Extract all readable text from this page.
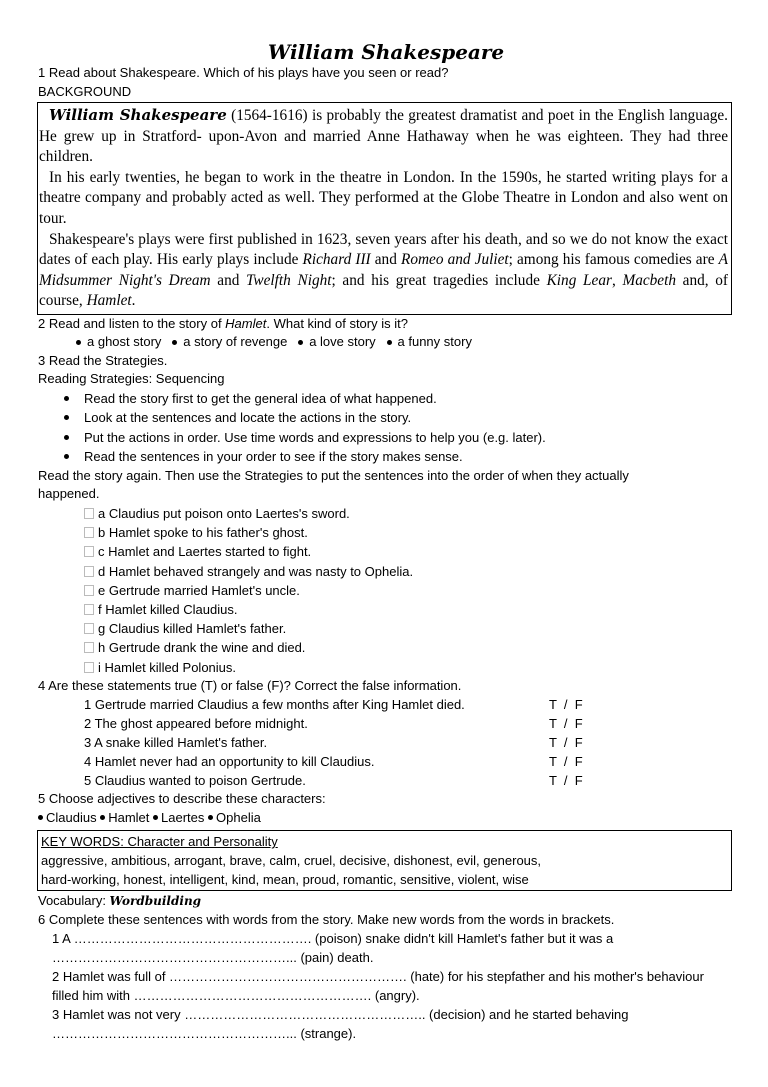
William Shakespeare
1 Read about Shakespeare. Which of his plays have you seen or read?
BACKGROUND

William Shakespeare (1564-1616) is probably the greatest dramatist and poet in the English language. He grew up in Stratford- upon-Avon and married Anne Hathaway when he was eighteen. They had three children.

In his early twenties, he began to work in the theatre in London. In the 1590s, he started writing plays for a theatre company and probably acted as well. They performed at the Globe Theatre in London and also went on tour.

Shakespeare's plays were first published in 1623, seven years after his death, and so we do not know the exact dates of each play. His early plays include Richard III and Romeo and Juliet; among his famous comedies are A Midsummer Night's Dream and Twelfth Night; and his great tragedies include King Lear, Macbeth and, of course, Hamlet.

2 Read and listen to the story of Hamlet. What kind of story is it?
a ghost story a story of revenge a love story a funny story
3 Read the Strategies.
Reading Strategies: Sequencing
Read the story first to get the general idea of what happened.
Look at the sentences and locate the actions in the story.
Put the actions in order. Use time words and expressions to help you (e.g. later).
Read the sentences in your order to see if the story makes sense.
Read the story again. Then use the Strategies to put the sentences into the order of when they actually
happened.
a Claudius put poison onto Laertes's sword.
b Hamlet spoke to his father's ghost.
c Hamlet and Laertes started to fight.
d Hamlet behaved strangely and was nasty to Ophelia.
e Gertrude married Hamlet's uncle.
f Hamlet killed Claudius.
g Claudius killed Hamlet's father.
h Gertrude drank the wine and died.
i Hamlet killed Polonius.
4 Are these statements true (T) or false (F)? Correct the false information.
1 Gertrude married Claudius a few months after King Hamlet died.	T  /  F
2 The ghost appeared before midnight.	T  /  F
3 A snake killed Hamlet's father.	T  /  F
4 Hamlet never had an opportunity to kill Claudius.	T  /  F
5 Claudius wanted to poison Gertrude.	T  /  F
5 Choose adjectives to describe these characters:
Claudius Hamlet Laertes Ophelia
KEY WORDS: Character and Personality
aggressive, ambitious, arrogant, brave, calm, cruel, decisive, dishonest, evil, generous,
hard-working, honest, intelligent, kind, mean, proud, romantic, sensitive, violent, wise
Vocabulary: Wordbuilding
6 Complete these sentences with words from the story. Make new words from the words in brackets.
1 A ………………………………………………. (poison) snake didn't kill Hamlet's father but it was a
………………………………………………... (pain) death.
2 Hamlet was full of ………………………………………………. (hate) for his stepfather and his mother's behaviour
filled him with ………………………………………………. (angry).
3 Hamlet was not very ……………………………………………….. (decision) and he started behaving
………………………………………………... (strange).
